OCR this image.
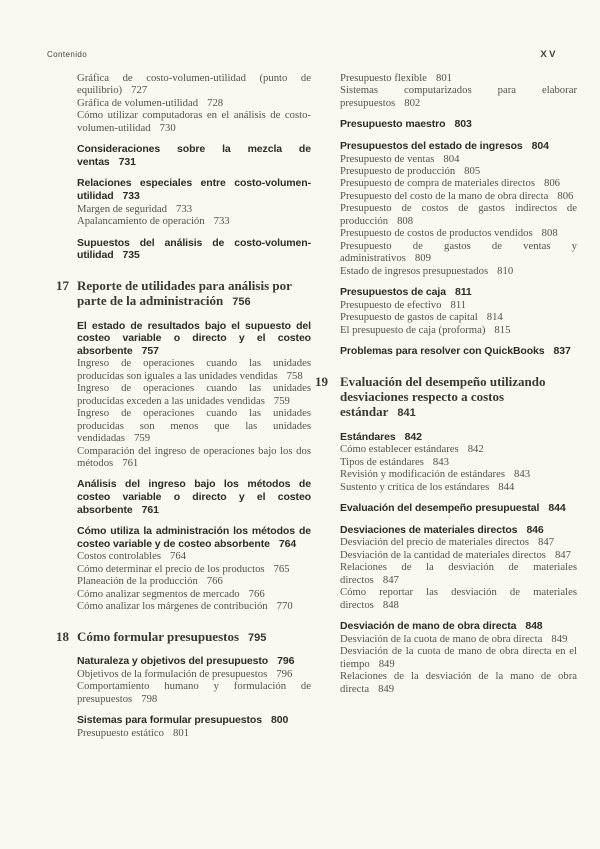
Contenido	XV
Gráfica de costo-volumen-utilidad (punto de equilibrio) 727
Gráfica de volumen-utilidad 728
Cómo utilizar computadoras en el análisis de costo-volumen-utilidad 730
Consideraciones sobre la mezcla de ventas 731
Relaciones especiales entre costo-volumen-utilidad 733
Margen de seguridad 733
Apalancamiento de operación 733
Supuestos del análisis de costo-volumen-utilidad 735
17 Reporte de utilidades para análisis por parte de la administración 756
El estado de resultados bajo el supuesto del costeo variable o directo y el costeo absorbente 757
Ingreso de operaciones cuando las unidades producidas son iguales a las unidades vendidas 758
Ingreso de operaciones cuando las unidades producidas exceden a las unidades vendidas 759
Ingreso de operaciones cuando las unidades producidas son menos que las unidades vendidadas 759
Comparación del ingreso de operaciones bajo los dos métodos 761
Análisis del ingreso bajo los métodos de costeo variable o directo y el costeo absorbente 761
Cómo utiliza la administración los métodos de costeo variable y de costeo absorbente 764
Costos controlables 764
Cómo determinar el precio de los productos 765
Planeación de la producción 766
Cómo analizar segmentos de mercado 766
Cómo analizar los márgenes de contribución 770
18 Cómo formular presupuestos 795
Naturaleza y objetivos del presupuesto 796
Objetivos de la formulación de presupuestos 796
Comportamiento humano y formulación de presupuestos 798
Sistemas para formular presupuestos 800
Presupuesto estático 801
Presupuesto flexible 801
Sistemas computarizados para elaborar presupuestos 802
Presupuesto maestro 803
Presupuestos del estado de ingresos 804
Presupuesto de ventas 804
Presupuesto de producción 805
Presupuesto de compra de materiales directos 806
Presupuesto del costo de la mano de obra directa 806
Presupuesto de costos de gastos indirectos de producción 808
Presupuesto de costos de productos vendidos 808
Presupuesto de gastos de ventas y administrativos 809
Estado de ingresos presupuestados 810
Presupuestos de caja 811
Presupuesto de efectivo 811
Presupuesto de gastos de capital 814
El presupuesto de caja (proforma) 815
Problemas para resolver con QuickBooks 837
19 Evaluación del desempeño utilizando desviaciones respecto a costos estándar 841
Estándares 842
Cómo establecer estándares 842
Tipos de estándares 843
Revisión y modificación de estándares 843
Sustento y crítica de los estándares 844
Evaluación del desempeño presupuestal 844
Desviaciones de materiales directos 846
Desviación del precio de materiales directos 847
Desviación de la cantidad de materiales directos 847
Relaciones de la desviación de materiales directos 847
Cómo reportar las desviación de materiales directos 848
Desviación de mano de obra directa 848
Desviación de la cuota de mano de obra directa 849
Desviación de la cuota de mano de obra directa en el tiempo 849
Relaciones de la desviación de la mano de obra directa 849
